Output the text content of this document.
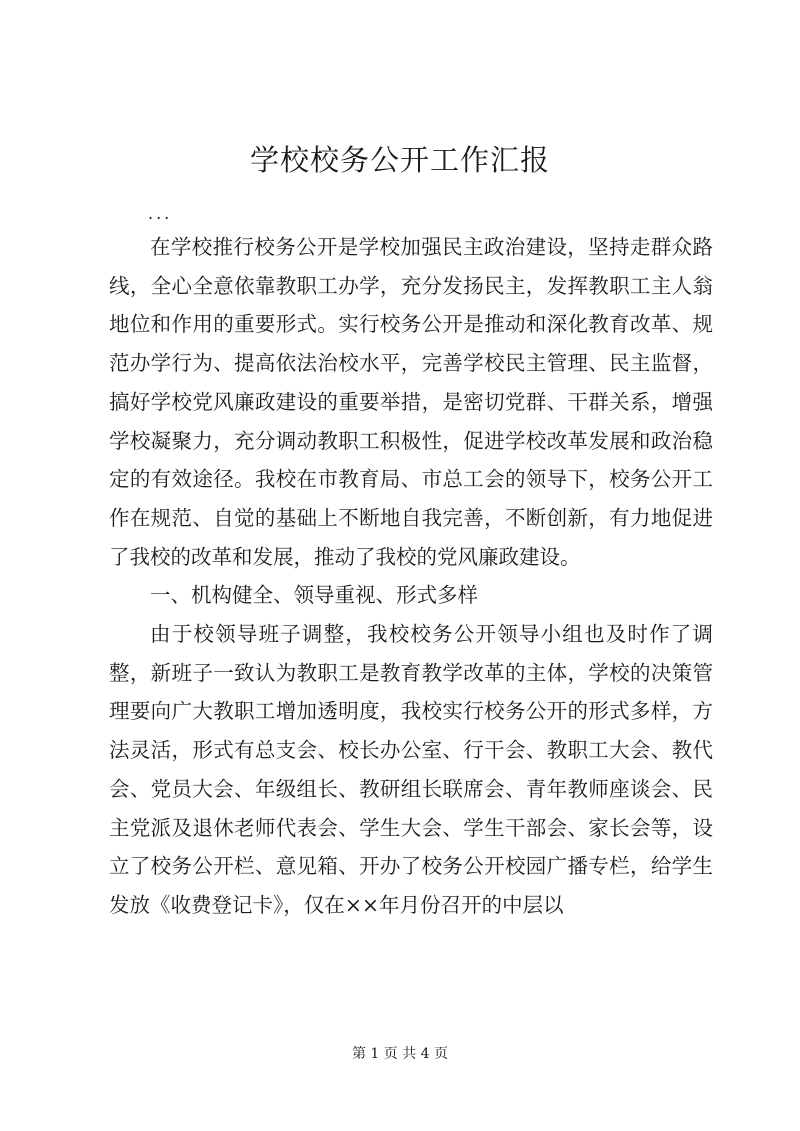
学校校务公开工作汇报
...

在学校推行校务公开是学校加强民主政治建设，坚持走群众路线，全心全意依靠教职工办学，充分发扬民主，发挥教职工主人翁地位和作用的重要形式。实行校务公开是推动和深化教育改革、规范办学行为、提高依法治校水平，完善学校民主管理、民主监督，搞好学校党风廉政建设的重要举措，是密切党群、干群关系，增强学校凝聚力，充分调动教职工积极性，促进学校改革发展和政治稳定的有效途径。我校在市教育局、市总工会的领导下，校务公开工作在规范、自觉的基础上不断地自我完善，不断创新，有力地促进了我校的改革和发展，推动了我校的党风廉政建设。

一、机构健全、领导重视、形式多样

由于校领导班子调整，我校校务公开领导小组也及时作了调整，新班子一致认为教职工是教育教学改革的主体，学校的决策管理要向广大教职工增加透明度，我校实行校务公开的形式多样，方法灵活，形式有总支会、校长办公室、行干会、教职工大会、教代会、党员大会、年级组长、教研组长联席会、青年教师座谈会、民主党派及退休老师代表会、学生大会、学生干部会、家长会等，设立了校务公开栏、意见箱、开办了校务公开校园广播专栏，给学生发放《收费登记卡》，仅在××年月份召开的中层以

第 1 页 共 4 页
